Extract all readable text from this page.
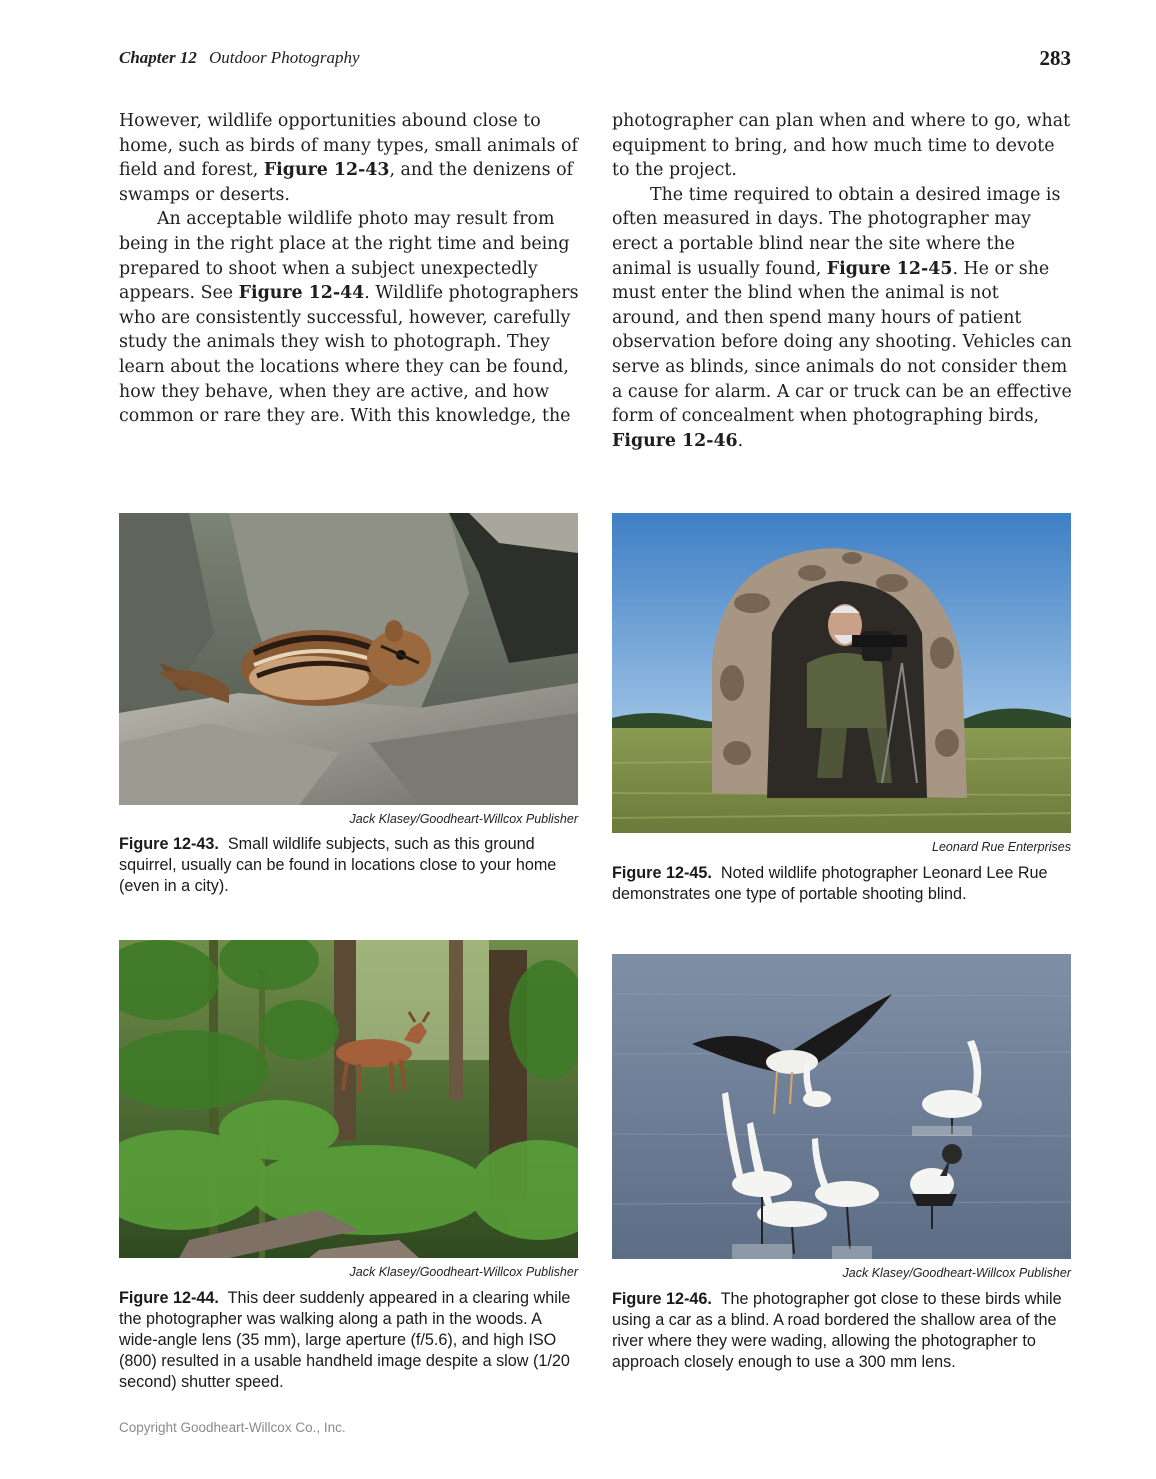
Chapter 12 Outdoor Photography	283

However, wildlife opportunities abound close to home, such as birds of many types, small animals of field and forest, Figure 12-43, and the denizens of swamps or deserts.

An acceptable wildlife photo may result from being in the right place at the right time and being prepared to shoot when a subject unexpectedly appears. See Figure 12-44. Wildlife photographers who are consistently successful, however, carefully study the animals they wish to photograph. They learn about the locations where they can be found, how they behave, when they are active, and how common or rare they are. With this knowledge, the

photographer can plan when and where to go, what equipment to bring, and how much time to devote to the project.

The time required to obtain a desired image is often measured in days. The photographer may erect a portable blind near the site where the animal is usually found, Figure 12-45. He or she must enter the blind when the animal is not around, and then spend many hours of patient observation before doing any shooting. Vehicles can serve as blinds, since animals do not consider them a cause for alarm. A car or truck can be an effective form of concealment when photographing birds, Figure 12-46.

Jack Klasey/Goodheart-Willcox Publisher
Figure 12-43. Small wildlife subjects, such as this ground squirrel, usually can be found in locations close to your home (even in a city).
Leonard Rue Enterprises
Figure 12-45. Noted wildlife photographer Leonard Lee Rue demonstrates one type of portable shooting blind.
Jack Klasey/Goodheart-Willcox Publisher
Figure 12-44. This deer suddenly appeared in a clearing while the photographer was walking along a path in the woods. A wide-angle lens (35 mm), large aperture (f/5.6), and high ISO (800) resulted in a usable handheld image despite a slow (1/20 second) shutter speed.
Jack Klasey/Goodheart-Willcox Publisher
Figure 12-46. The photographer got close to these birds while using a car as a blind. A road bordered the shallow area of the river where they were wading, allowing the photographer to approach closely enough to use a 300 mm lens.
Copyright Goodheart-Willcox Co., Inc.
